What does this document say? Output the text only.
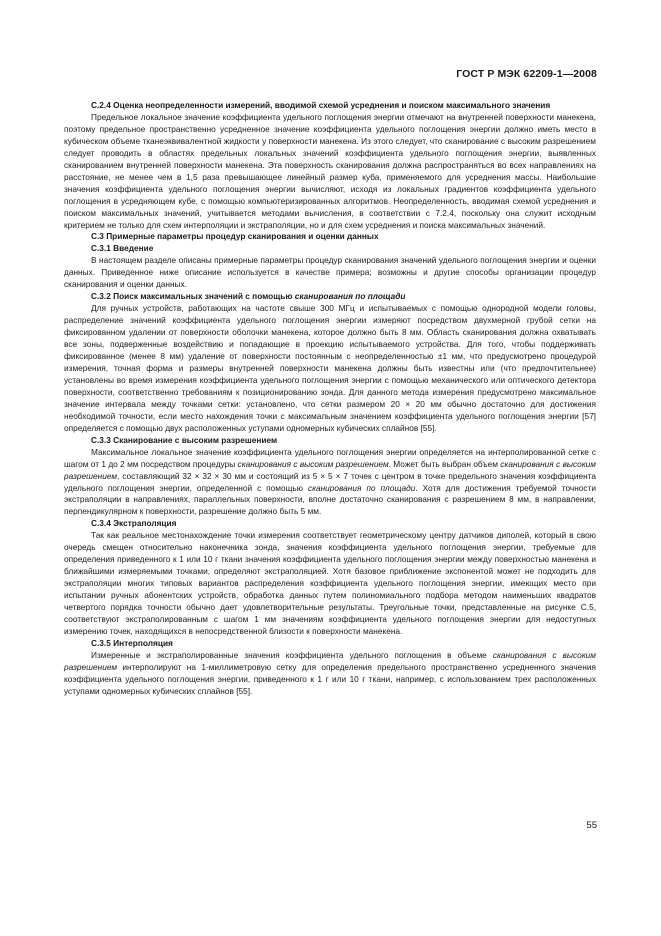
ГОСТ Р МЭК 62209-1—2008

C.2.4 Оценка неопределенности измерений, вводимой схемой усреднения и поиском максимального значения

Предельное локальное значение коэффициента удельного поглощения энергии отмечают на внутренней поверхности манекена, поэтому предельное пространственно усредненное значение коэффициента удельного поглощения энергии должно иметь место в кубическом объеме тканеэквивалентной жидкости у поверхности манекена. Из этого следует, что сканирование с высоким разрешением следует проводить в областях предельных локальных значений коэффициента удельного поглощения энергии, выявленных сканированием внутренней поверхности манекена. Эта поверхность сканирования должна распространяться во всех направлениях на расстояние, не менее чем в 1,5 раза превышающее линейный размер куба, применяемого для усреднения массы. Наибольшие значения коэффициента удельного поглощения энергии вычисляют, исходя из локальных градиентов коэффициента удельного поглощения в усредняющем кубе, с помощью компьютеризированных алгоритмов. Неопределенность, вводимая схемой усреднения и поиском максимальных значений, учитывается методами вычисления, в соответствии с 7.2.4, поскольку она служит исходным критерием не только для схем интерполяции и экстраполяции, но и для схем усреднения и поиска максимальных значений.

C.3 Примерные параметры процедур сканирования и оценки данных

C.3.1 Введение

В настоящем разделе описаны примерные параметры процедур сканирования значений удельного поглощения энергии и оценки данных. Приведенное ниже описание используется в качестве примера; возможны и другие способы организации процедур сканирования и оценки данных.

C.3.2 Поиск максимальных значений с помощью сканирования по площади

Для ручных устройств, работающих на частоте свыше 300 МГц и испытываемых с помощью однородной модели головы, распределение значений коэффициента удельного поглощения энергии измеряют посредством двухмерной грубой сетки на фиксированном удалении от поверхности оболочки манекена, которое должно быть 8 мм. Область сканирования должна охватывать все зоны, подверженные воздействию и попадающие в проекцию испытываемого устройства. Для того, чтобы поддерживать фиксированное (менее 8 мм) удаление от поверхности постоянным с неопределенностью ±1 мм, что предусмотрено процедурой измерения, точная форма и размеры внутренней поверхности манекена должны быть известны или (что предпочтительнее) установлены во время измерения коэффициента удельного поглощения энергии с помощью механического или оптического детектора поверхности, соответственно требованиям к позиционированию зонда. Для данного метода измерения предусмотрено максимальное значение интервала между точками сетки: установлено, что сетки размером 20 × 20 мм обычно достаточно для достижения необходимой точности, если место нахождения точки с максимальным значением коэффициента удельного поглощения энергии [57] определяется с помощью двух расположенных уступами одномерных кубических сплайнов [55].

C.3.3 Сканирование с высоким разрешением

Максимальное локальное значение коэффициента удельного поглощения энергии определяется на интерполированной сетке с шагом от 1 до 2 мм посредством процедуры сканирования с высоким разрешением. Может быть выбран объем сканирования с высоким разрешением, составляющий 32 × 32 × 30 мм и состоящий из 5 × 5 × 7 точек с центром в точке предельного значения коэффициента удельного поглощения энергии, определенной с помощью сканирования по площади. Хотя для достижения требуемой точности экстраполяции в направлениях, параллельных поверхности, вполне достаточно сканирования с разрешением 8 мм, в направлении, перпендикулярном к поверхности, разрешение должно быть 5 мм.

C.3.4 Экстраполяция

Так как реальное местонахождение точки измерения соответствует геометрическому центру датчиков диполей, который в свою очередь смещен относительно наконечника зонда, значения коэффициента удельного поглощения энергии, требуемые для определения приведенного к 1 или 10 г ткани значения коэффициента удельного поглощения энергии между поверхностью манекена и ближайшими измеряемыми точками, определяют экстраполяцией. Хотя базовое приближение экспонентой может не подходить для экстраполяции многих типовых вариантов распределения коэффициента удельного поглощения энергии, имеющих место при испытании ручных абонентских устройств, обработка данных путем полиномиального подбора методом наименьших квадратов четвертого порядка точности обычно дает удовлетворительные результаты. Треугольные точки, представленные на рисунке С.5, соответствуют экстраполированным с шагом 1 мм значениям коэффициента удельного поглощения энергии для недоступных измерению точек, находящихся в непосредственной близости к поверхности манекена.

C.3.5 Интерполяция

Измеренные и экстраполированные значения коэффициента удельного поглощения в объеме сканирования с высоким разрешением интерполируют на 1-миллиметровую сетку для определения предельного пространственно усредненного значения коэффициента удельного поглощения энергии, приведенного к 1 г или 10 г ткани, например, с использованием трех расположенных уступами одномерных кубических сплайнов [55].

55
